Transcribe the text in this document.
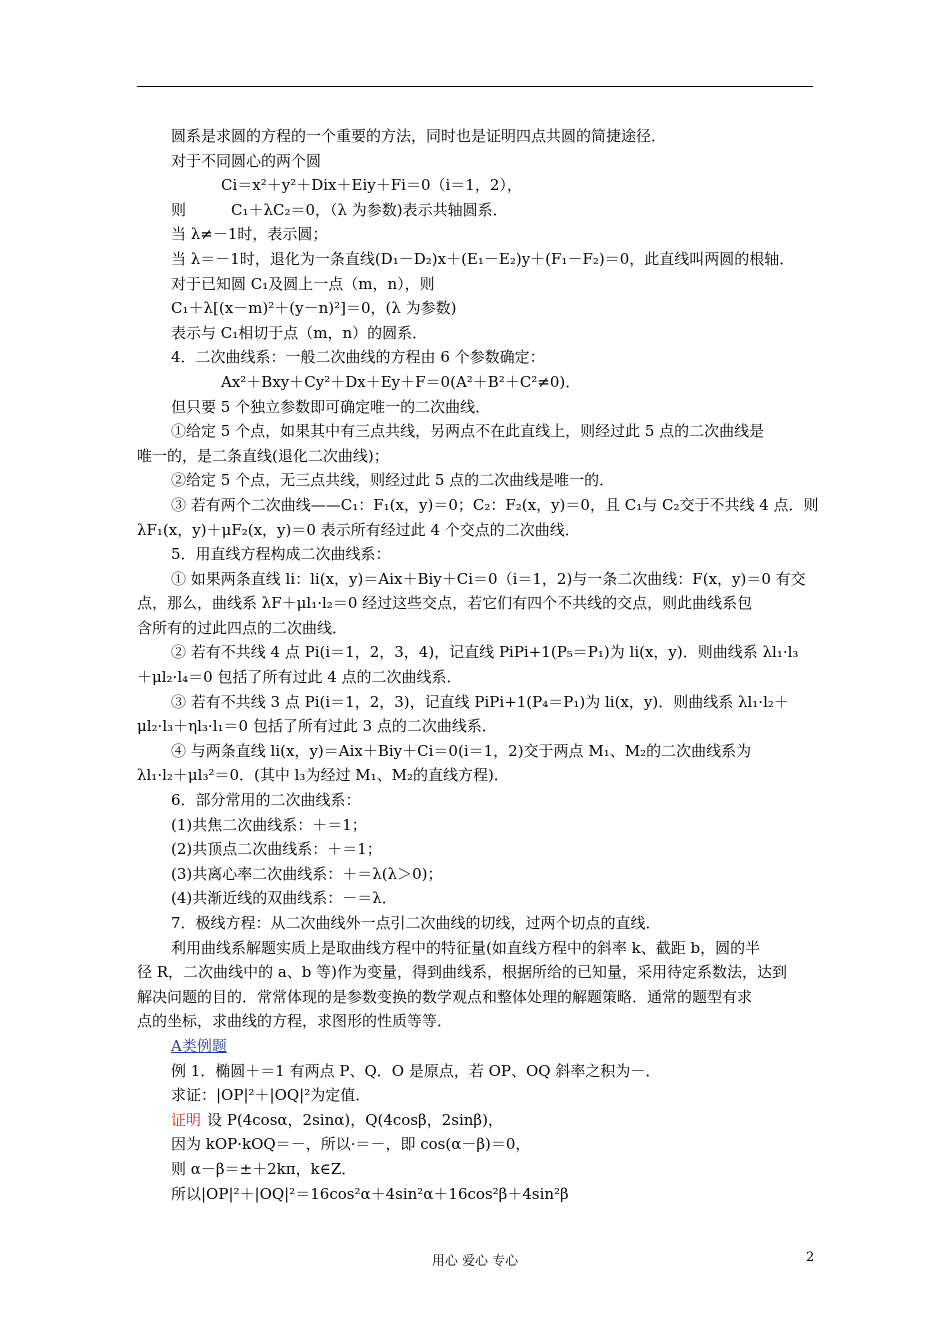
圆系是求圆的方程的一个重要的方法，同时也是证明四点共圆的简捷途径．

对于不同圆心的两个圆

Ci＝x²＋y²＋Dix＋Eiy＋Fi＝0（i＝1，2），

则　　　C₁＋λC₂＝0，（λ 为参数)表示共轴圆系．

当 λ≠－1时，表示圆；

当 λ＝－1时，退化为一条直线(D₁－D₂)x＋(E₁－E₂)y＋(F₁－F₂)＝0，此直线叫两圆的根轴．

对于已知圆 C₁及圆上一点（m，n），则

C₁＋λ[(x－m)²＋(y－n)²]＝0，(λ 为参数)

表示与 C₁相切于点（m，n）的圆系．

4．二次曲线系：一般二次曲线的方程由 6 个参数确定：

Ax²＋Bxy＋Cy²＋Dx＋Ey＋F＝0(A²＋B²＋C²≠0)．

但只要 5 个独立参数即可确定唯一的二次曲线．

①给定 5 个点，如果其中有三点共线，另两点不在此直线上，则经过此 5 点的二次曲线是

唯一的，是二条直线(退化二次曲线)；

②给定 5 个点，无三点共线，则经过此 5 点的二次曲线是唯一的．

③ 若有两个二次曲线——C₁：F₁(x，y)＝0；C₂：F₂(x，y)＝0，且 C₁与 C₂交于不共线 4 点．则

λF₁(x，y)＋μF₂(x，y)＝0 表示所有经过此 4 个交点的二次曲线．

5．用直线方程构成二次曲线系：

① 如果两条直线 li：li(x，y)＝Aix＋Biy＋Ci＝0（i＝1，2)与一条二次曲线：F(x，y)＝0 有交

点，那么，曲线系 λF＋μl₁·l₂＝0 经过这些交点，若它们有四个不共线的交点，则此曲线系包

含所有的过此四点的二次曲线．

② 若有不共线 4 点 Pi(i＝1，2，3，4)，记直线 PiPi+1(P₅＝P₁)为 li(x，y)．则曲线系 λl₁·l₃

＋μl₂·l₄＝0 包括了所有过此 4 点的二次曲线系．

③ 若有不共线 3 点 Pi(i＝1，2，3)，记直线 PiPi+1(P₄＝P₁)为 li(x，y)．则曲线系 λl₁·l₂＋

μl₂·l₃＋ηl₃·l₁＝0 包括了所有过此 3 点的二次曲线系．

④ 与两条直线 li(x，y)＝Aix＋Biy＋Ci＝0(i＝1，2)交于两点 M₁、M₂的二次曲线系为

λl₁·l₂＋μl₃²＝0．(其中 l₃为经过 M₁、M₂的直线方程)．

6．部分常用的二次曲线系：

(1)共焦二次曲线系：＋＝1；

(2)共顶点二次曲线系：＋＝1；

(3)共离心率二次曲线系：＋＝λ(λ＞0)；

(4)共渐近线的双曲线系：－＝λ．

7．极线方程：从二次曲线外一点引二次曲线的切线，过两个切点的直线．

利用曲线系解题实质上是取曲线方程中的特征量(如直线方程中的斜率 k、截距 b，圆的半

径 R，二次曲线中的 a、b 等)作为变量，得到曲线系，根据所给的已知量，采用待定系数法，达到

解决问题的目的．常常体现的是参数变换的数学观点和整体处理的解题策略．通常的题型有求

点的坐标，求曲线的方程，求图形的性质等等．

A类例题

例 1．椭圆＋＝1 有两点 P、Q．O 是原点，若 OP、OQ 斜率之积为－．

求证：|OP|²＋|OQ|²为定值．

证明 设 P(4cosα，2sinα)，Q(4cosβ，2sinβ)，

因为 kOP·kOQ＝－，所以·＝－，即 cos(α－β)＝0，

则 α－β＝±＋2kπ，k∈Z．

所以|OP|²＋|OQ|²＝16cos²α＋4sin²α＋16cos²β＋4sin²β

用心 爱心 专心	2
